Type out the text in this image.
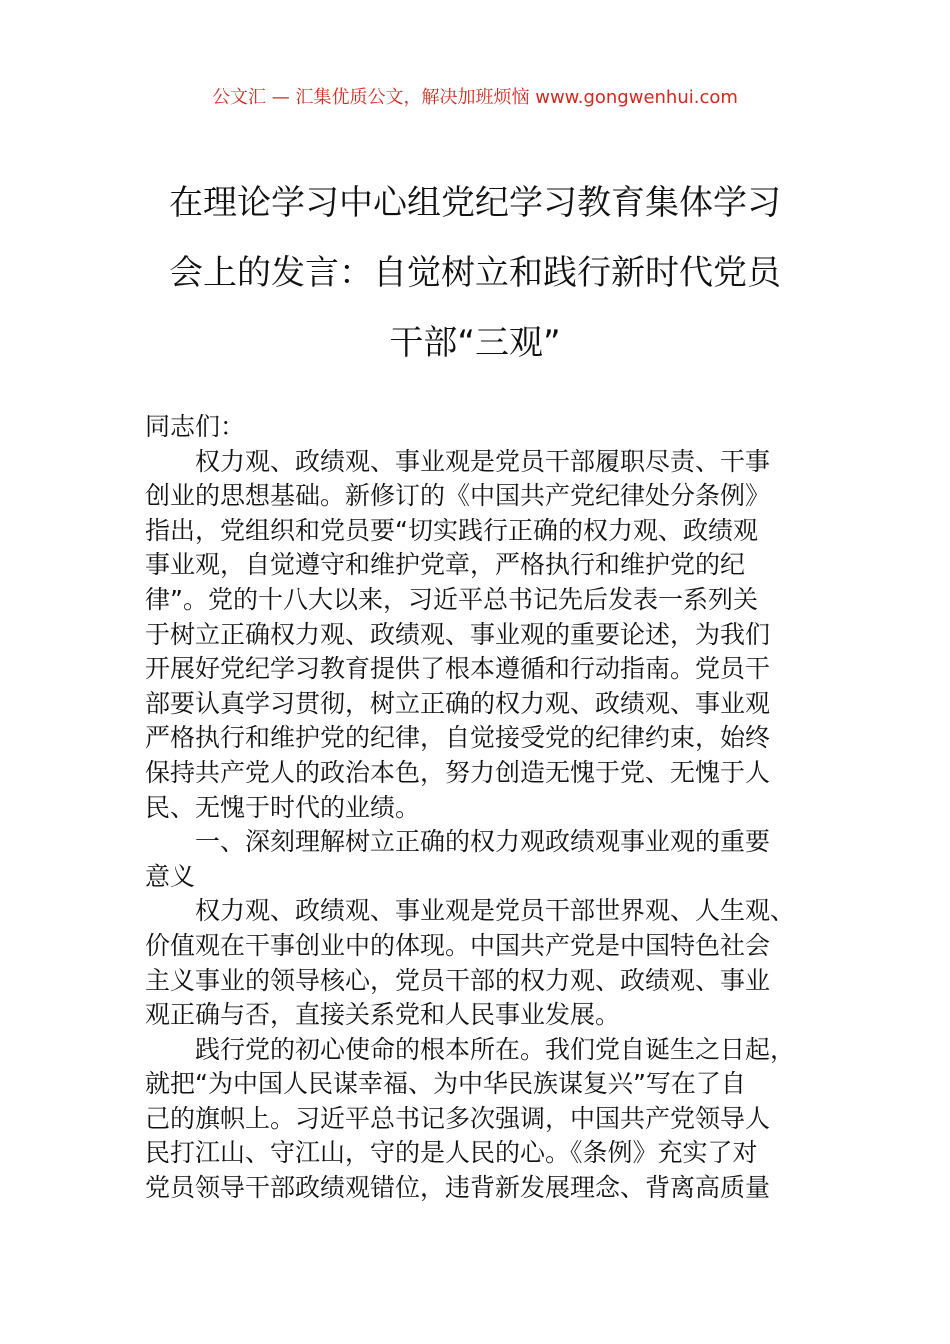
公文汇 — 汇集优质公文，解决加班烦恼 www.gongwenhui.com
在理论学习中心组党纪学习教育集体学习
会上的发言：自觉树立和践行新时代党员
干部“三观”
同志们：
权力观、政绩观、事业观是党员干部履职尽责、干事
创业的思想基础。新修订的《中国共产党纪律处分条例》
指出，党组织和党员要“切实践行正确的权力观、政绩观
事业观，自觉遵守和维护党章，严格执行和维护党的纪
律”。党的十八大以来，习近平总书记先后发表一系列关
于树立正确权力观、政绩观、事业观的重要论述，为我们
开展好党纪学习教育提供了根本遵循和行动指南。党员干
部要认真学习贯彻，树立正确的权力观、政绩观、事业观
严格执行和维护党的纪律，自觉接受党的纪律约束，始终
保持共产党人的政治本色，努力创造无愧于党、无愧于人
民、无愧于时代的业绩。
一、深刻理解树立正确的权力观政绩观事业观的重要
意义
权力观、政绩观、事业观是党员干部世界观、人生观、
价值观在干事创业中的体现。中国共产党是中国特色社会
主义事业的领导核心，党员干部的权力观、政绩观、事业
观正确与否，直接关系党和人民事业发展。
践行党的初心使命的根本所在。我们党自诞生之日起，
就把“为中国人民谋幸福、为中华民族谋复兴”写在了自
己的旗帜上。习近平总书记多次强调，中国共产党领导人
民打江山、守江山，守的是人民的心。《条例》充实了对
党员领导干部政绩观错位，违背新发展理念、背离高质量
